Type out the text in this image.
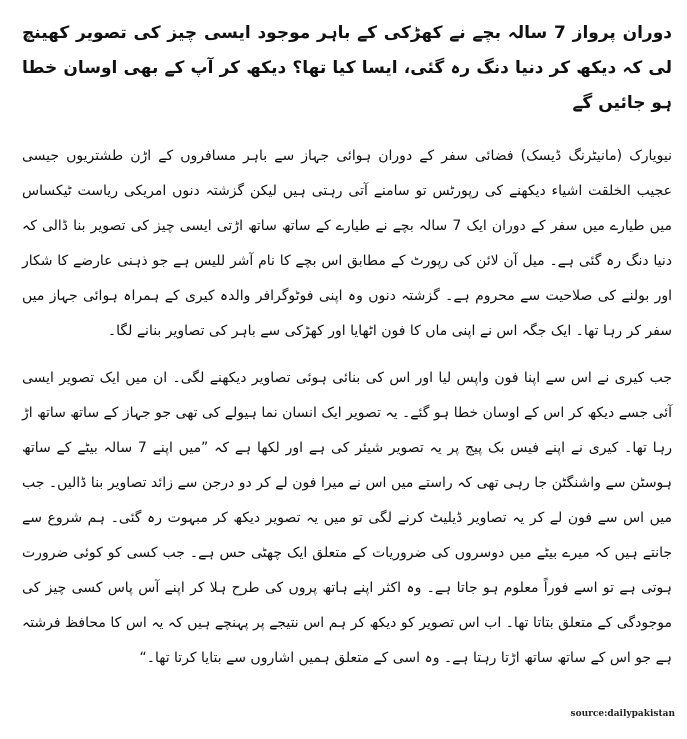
دوران پرواز 7 سالہ بچے نے کھڑکی کے باہر موجود ایسی چیز کی تصویر کھینچ لی کہ دیکھ کر دنیا دنگ رہ گئی، ایسا کیا تھا؟ دیکھ کر آپ کے بھی اوسان خطا ہو جائیں گے

نیویارک (مانیٹرنگ ڈیسک) فضائی سفر کے دوران ہوائی جہاز سے باہر مسافروں کے اڑن طشتریوں جیسی عجیب الخلقت اشیاء دیکھنے کی رپورٹس تو سامنے آتی رہتی ہیں لیکن گزشتہ دنوں امریکی ریاست ٹیکساس میں طیارے میں سفر کے دوران ایک 7 سالہ بچے نے طیارے کے ساتھ ساتھ اڑتی ایسی چیز کی تصویر بنا ڈالی کہ دنیا دنگ رہ گئی ہے۔ میل آن لائن کی رپورٹ کے مطابق اس بچے کا نام آشر للیس ہے جو ذہنی عارضے کا شکار اور بولنے کی صلاحیت سے محروم ہے۔ گزشتہ دنوں وہ اپنی فوٹوگرافر والدہ کیری کے ہمراہ ہوائی جہاز میں سفر کر رہا تھا۔ ایک جگہ اس نے اپنی ماں کا فون اٹھایا اور کھڑکی سے باہر کی تصاویر بنانے لگا۔

جب کیری نے اس سے اپنا فون واپس لیا اور اس کی بنائی ہوئی تصاویر دیکھنے لگی۔ ان میں ایک تصویر ایسی آئی جسے دیکھ کر اس کے اوسان خطا ہو گئے۔ یہ تصویر ایک انسان نما ہیولے کی تھی جو جہاز کے ساتھ ساتھ اڑ رہا تھا۔ کیری نے اپنے فیس بک پیج پر یہ تصویر شیئر کی ہے اور لکھا ہے کہ ”میں اپنے 7 سالہ بیٹے کے ساتھ ہوسٹن سے واشنگٹن جا رہی تھی کہ راستے میں اس نے میرا فون لے کر دو درجن سے زائد تصاویر بنا ڈالیں۔ جب میں اس سے فون لے کر یہ تصاویر ڈیلیٹ کرنے لگی تو میں یہ تصویر دیکھ کر مبہوت رہ گئی۔ ہم شروع سے جانتے ہیں کہ میرے بیٹے میں دوسروں کی ضروریات کے متعلق ایک چھٹی حس ہے۔ جب کسی کو کوئی ضرورت ہوتی ہے تو اسے فوراً معلوم ہو جاتا ہے۔ وہ اکثر اپنے ہاتھ پروں کی طرح ہلا کر اپنے آس پاس کسی چیز کی موجودگی کے متعلق بتاتا تھا۔ اب اس تصویر کو دیکھ کر ہم اس نتیجے پر پہنچے ہیں کہ یہ اس کا محافظ فرشتہ ہے جو اس کے ساتھ ساتھ اڑتا رہتا ہے۔ وہ اسی کے متعلق ہمیں اشاروں سے بتایا کرتا تھا۔“

source:dailypakistan
